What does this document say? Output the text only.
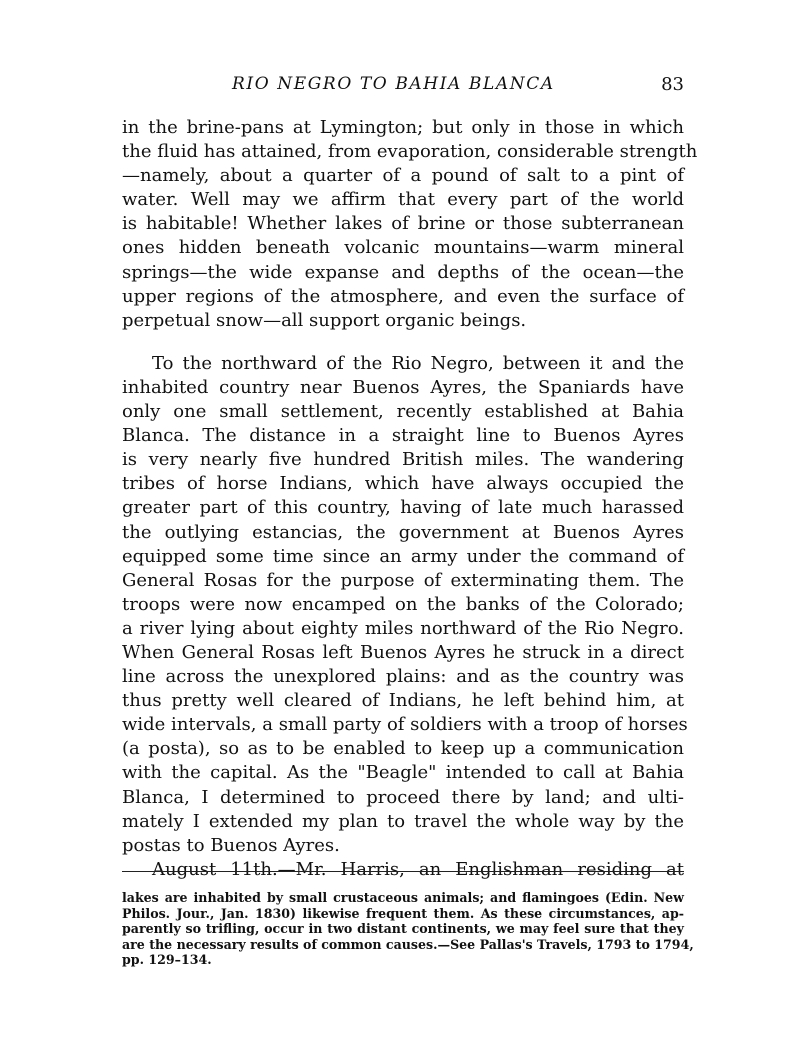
RIO NEGRO TO BAHIA BLANCA	83
in the brine-pans at Lymington; but only in those in which
the fluid has attained, from evaporation, considerable strength
—namely, about a quarter of a pound of salt to a pint of
water. Well may we affirm that every part of the world
is habitable! Whether lakes of brine or those subterranean
ones hidden beneath volcanic mountains—warm mineral
springs—the wide expanse and depths of the ocean—the
upper regions of the atmosphere, and even the surface of
perpetual snow—all support organic beings.
To the northward of the Rio Negro, between it and the
inhabited country near Buenos Ayres, the Spaniards have
only one small settlement, recently established at Bahia
Blanca. The distance in a straight line to Buenos Ayres
is very nearly five hundred British miles. The wandering
tribes of horse Indians, which have always occupied the
greater part of this country, having of late much harassed
the outlying estancias, the government at Buenos Ayres
equipped some time since an army under the command of
General Rosas for the purpose of exterminating them. The
troops were now encamped on the banks of the Colorado;
a river lying about eighty miles northward of the Rio Negro.
When General Rosas left Buenos Ayres he struck in a direct
line across the unexplored plains: and as the country was
thus pretty well cleared of Indians, he left behind him, at
wide intervals, a small party of soldiers with a troop of horses
(a posta), so as to be enabled to keep up a communication
with the capital. As the "Beagle" intended to call at Bahia
Blanca, I determined to proceed there by land; and ulti-
mately I extended my plan to travel the whole way by the
postas to Buenos Ayres.
August 11th.—Mr. Harris, an Englishman residing at
lakes are inhabited by small crustaceous animals; and flamingoes (Edin. New
Philos. Jour., Jan. 1830) likewise frequent them. As these circumstances, ap-
parently so trifling, occur in two distant continents, we may feel sure that they
are the necessary results of common causes.—See Pallas's Travels, 1793 to 1794,
pp. 129–134.
